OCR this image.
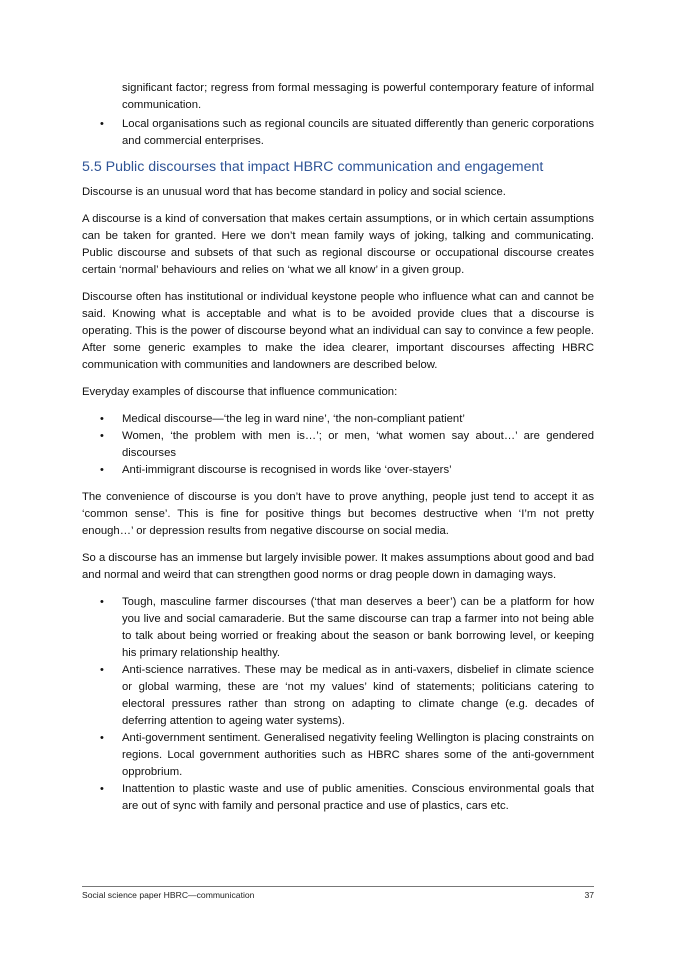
significant factor; regress from formal messaging is powerful contemporary feature of informal communication.

• Local organisations such as regional councils are situated differently than generic corporations and commercial enterprises.
5.5 Public discourses that impact HBRC communication and engagement

Discourse is an unusual word that has become standard in policy and social science.

A discourse is a kind of conversation that makes certain assumptions, or in which certain assumptions can be taken for granted. Here we don’t mean family ways of joking, talking and communicating. Public discourse and subsets of that such as regional discourse or occupational discourse creates certain ‘normal’ behaviours and relies on ‘what we all know’ in a given group.

Discourse often has institutional or individual keystone people who influence what can and cannot be said. Knowing what is acceptable and what is to be avoided provide clues that a discourse is operating. This is the power of discourse beyond what an individual can say to convince a few people. After some generic examples to make the idea clearer, important discourses affecting HBRC communication with communities and landowners are described below.

Everyday examples of discourse that influence communication:

• Medical discourse—‘the leg in ward nine’, ‘the non-compliant patient’
• Women, ‘the problem with men is…’; or men, ‘what women say about…’ are gendered discourses
• Anti-immigrant discourse is recognised in words like ‘over-stayers’

The convenience of discourse is you don’t have to prove anything, people just tend to accept it as ‘common sense’. This is fine for positive things but becomes destructive when ‘I’m not pretty enough…’ or depression results from negative discourse on social media.

So a discourse has an immense but largely invisible power. It makes assumptions about good and bad and normal and weird that can strengthen good norms or drag people down in damaging ways.

• Tough, masculine farmer discourses (‘that man deserves a beer’) can be a platform for how you live and social camaraderie. But the same discourse can trap a farmer into not being able to talk about being worried or freaking about the season or bank borrowing level, or keeping his primary relationship healthy.
• Anti-science narratives. These may be medical as in anti-vaxers, disbelief in climate science or global warming, these are ‘not my values’ kind of statements; politicians catering to electoral pressures rather than strong on adapting to climate change (e.g. decades of deferring attention to ageing water systems).
• Anti-government sentiment. Generalised negativity feeling Wellington is placing constraints on regions. Local government authorities such as HBRC shares some of the anti-government opprobrium.
• Inattention to plastic waste and use of public amenities. Conscious environmental goals that are out of sync with family and personal practice and use of plastics, cars etc.
Social science paper HBRC—communication	37
